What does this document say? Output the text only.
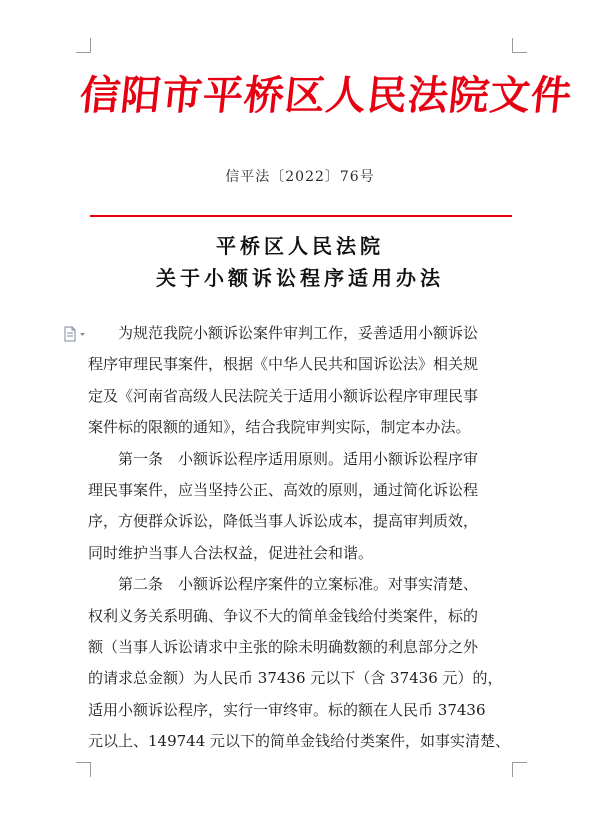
信阳市平桥区人民法院文件
信平法〔2022〕76号
平桥区人民法院
关于小额诉讼程序适用办法
　　为规范我院小额诉讼案件审判工作，妥善适用小额诉讼
程序审理民事案件，根据《中华人民共和国诉讼法》相关规
定及《河南省高级人民法院关于适用小额诉讼程序审理民事
案件标的限额的通知》，结合我院审判实际，制定本办法。
　　第一条　小额诉讼程序适用原则。适用小额诉讼程序审
理民事案件，应当坚持公正、高效的原则，通过简化诉讼程
序，方便群众诉讼，降低当事人诉讼成本，提高审判质效，
同时维护当事人合法权益，促进社会和谐。
　　第二条　小额诉讼程序案件的立案标准。对事实清楚、
权利义务关系明确、争议不大的简单金钱给付类案件，标的
额（当事人诉讼请求中主张的除未明确数额的利息部分之外
的请求总金额）为人民币 37436 元以下（含 37436 元）的，
适用小额诉讼程序，实行一审终审。标的额在人民币 37436
元以上、149744 元以下的简单金钱给付类案件，如事实清楚、
